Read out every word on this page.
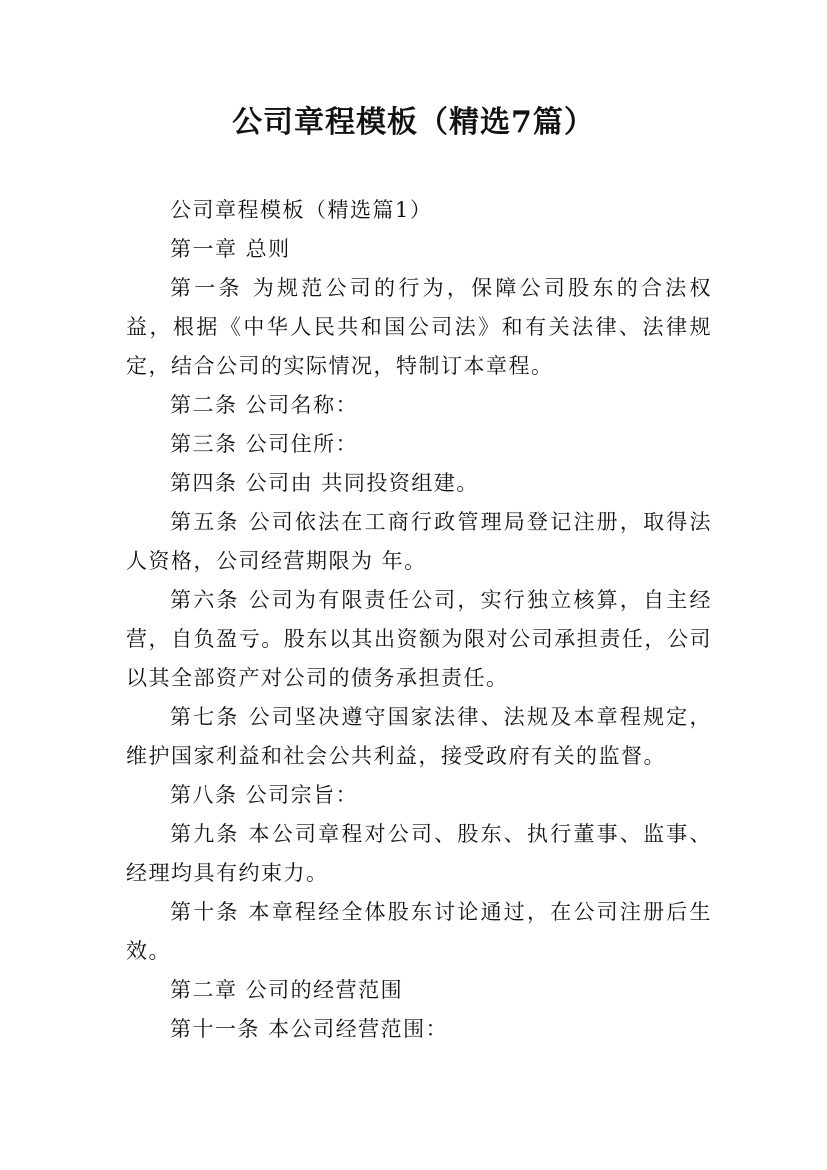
公司章程模板（精选7篇）

公司章程模板（精选篇1）

第一章 总则

第一条 为规范公司的行为，保障公司股东的合法权益，根据《中华人民共和国公司法》和有关法律、法律规定，结合公司的实际情况，特制订本章程。

第二条 公司名称：

第三条 公司住所：

第四条 公司由 共同投资组建。

第五条 公司依法在工商行政管理局登记注册，取得法人资格，公司经营期限为 年。

第六条 公司为有限责任公司，实行独立核算，自主经营，自负盈亏。股东以其出资额为限对公司承担责任，公司以其全部资产对公司的债务承担责任。

第七条 公司坚决遵守国家法律、法规及本章程规定，维护国家利益和社会公共利益，接受政府有关的监督。

第八条 公司宗旨：

第九条 本公司章程对公司、股东、执行董事、监事、经理均具有约束力。

第十条 本章程经全体股东讨论通过，在公司注册后生效。

第二章 公司的经营范围

第十一条 本公司经营范围：
